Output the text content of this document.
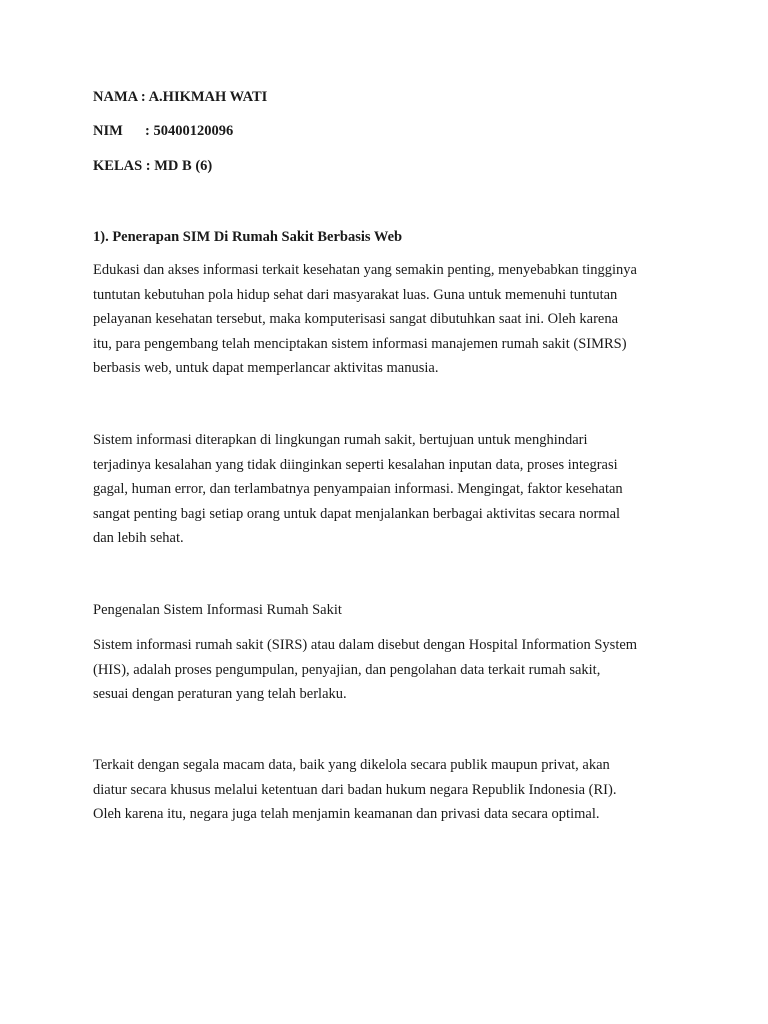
NAMA : A.HIKMAH WATI
NIM : 50400120096
KELAS : MD B (6)
1). Penerapan SIM Di Rumah Sakit Berbasis Web

Edukasi dan akses informasi terkait kesehatan yang semakin penting, menyebabkan tingginya
tuntutan kebutuhan pola hidup sehat dari masyarakat luas. Guna untuk memenuhi tuntutan
pelayanan kesehatan tersebut, maka komputerisasi sangat dibutuhkan saat ini. Oleh karena
itu, para pengembang telah menciptakan sistem informasi manajemen rumah sakit (SIMRS)
berbasis web, untuk dapat memperlancar aktivitas manusia.

Sistem informasi diterapkan di lingkungan rumah sakit, bertujuan untuk menghindari
terjadinya kesalahan yang tidak diinginkan seperti kesalahan inputan data, proses integrasi
gagal, human error, dan terlambatnya penyampaian informasi. Mengingat, faktor kesehatan
sangat penting bagi setiap orang untuk dapat menjalankan berbagai aktivitas secara normal
dan lebih sehat.

Pengenalan Sistem Informasi Rumah Sakit

Sistem informasi rumah sakit (SIRS) atau dalam disebut dengan Hospital Information System
(HIS), adalah proses pengumpulan, penyajian, dan pengolahan data terkait rumah sakit,
sesuai dengan peraturan yang telah berlaku.

Terkait dengan segala macam data, baik yang dikelola secara publik maupun privat, akan
diatur secara khusus melalui ketentuan dari badan hukum negara Republik Indonesia (RI).
Oleh karena itu, negara juga telah menjamin keamanan dan privasi data secara optimal.
